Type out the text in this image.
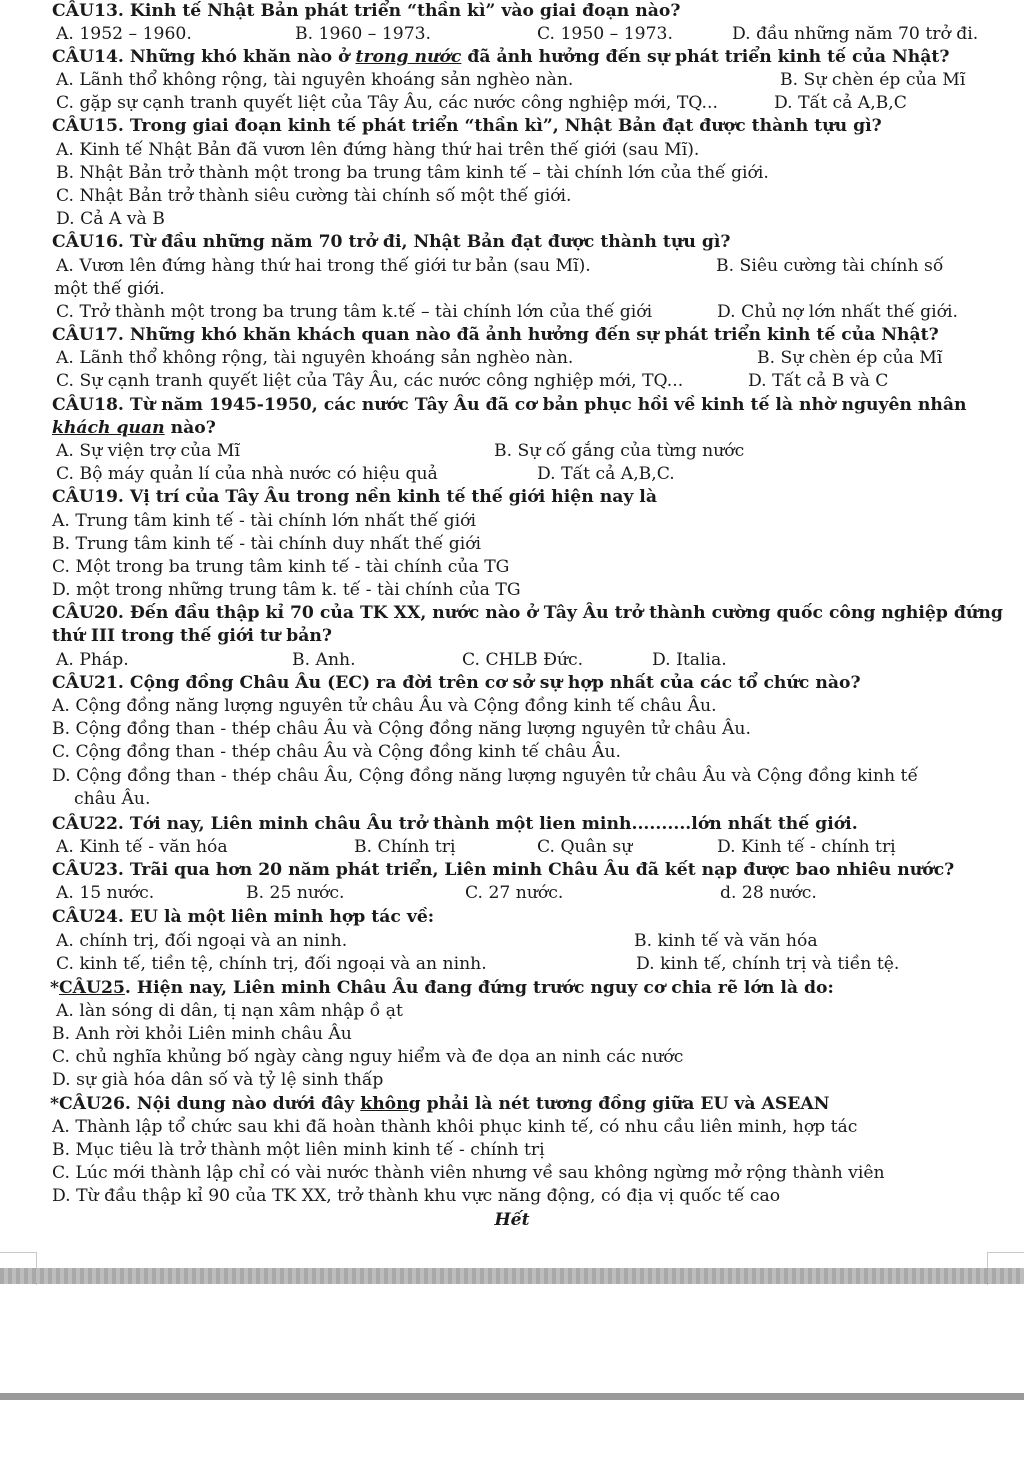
CÂU13. Kinh tế Nhật Bản phát triển “thần kì” vào giai đoạn nào?
A. 1952 – 1960.	B. 1960 – 1973.	C. 1950 – 1973.	D. đầu những năm 70 trở đi.
CÂU14. Những khó khăn nào ở trong nước đã ảnh hưởng đến sự phát triển kinh tế của Nhật?
A. Lãnh thổ không rộng, tài nguyên khoáng sản nghèo nàn.	B. Sự chèn ép của Mĩ
C. gặp sự cạnh tranh quyết liệt của Tây Âu, các nước công nghiệp mới, TQ...	D. Tất cả A,B,C
CÂU15. Trong giai đoạn kinh tế phát triển “thần kì”, Nhật Bản đạt được thành tựu gì?
A. Kinh tế Nhật Bản đã vươn lên đứng hàng thứ hai trên thế giới (sau Mĩ).
B. Nhật Bản trở thành một trong ba trung tâm kinh tế – tài chính lớn của thế giới.
C. Nhật Bản trở thành siêu cường tài chính số một thế giới.
D. Cả A và B
CÂU16. Từ đầu những năm 70 trở đi, Nhật Bản đạt được thành tựu gì?
A. Vươn lên đứng hàng thứ hai trong thế giới tư bản (sau Mĩ).	B. Siêu cường tài chính số
một thế giới.
C. Trở thành một trong ba trung tâm k.tế – tài chính lớn của thế giới	D. Chủ nợ lớn nhất thế giới.
CÂU17. Những khó khăn khách quan nào đã ảnh hưởng đến sự phát triển kinh tế của Nhật?
A. Lãnh thổ không rộng, tài nguyên khoáng sản nghèo nàn.	B. Sự chèn ép của Mĩ
C. Sự cạnh tranh quyết liệt của Tây Âu, các nước công nghiệp mới, TQ...	D. Tất cả B và C
CÂU18. Từ năm 1945-1950, các nước Tây Âu đã cơ bản phục hồi về kinh tế là nhờ nguyên nhân
khách quan nào?
A. Sự viện trợ của Mĩ	B. Sự cố gắng của từng nước
C. Bộ máy quản lí của nhà nước có hiệu quả	D. Tất cả A,B,C.
CÂU19. Vị trí của Tây Âu trong nền kinh tế thế giới hiện nay là
A. Trung tâm kinh tế - tài chính lớn nhất thế giới
B. Trung tâm kinh tế - tài chính duy nhất thế giới
C. Một trong ba trung tâm kinh tế - tài chính của TG
D. một trong những trung tâm k. tế - tài chính của TG
CÂU20. Đến đầu thập kỉ 70 của TK XX, nước nào ở Tây Âu trở thành cường quốc công nghiệp đứng
thứ III trong thế giới tư bản?
A. Pháp.	B. Anh.	C. CHLB Đức.	D. Italia.
CÂU21. Cộng đồng Châu Âu (EC) ra đời trên cơ sở sự hợp nhất của các tổ chức nào?
A. Cộng đồng năng lượng nguyên tử châu Âu và Cộng đồng kinh tế châu Âu.
B. Cộng đồng than - thép châu Âu và Cộng đồng năng lượng nguyên tử châu Âu.
C. Cộng đồng than - thép châu Âu và Cộng đồng kinh tế châu Âu.
D. Cộng đồng than - thép châu Âu, Cộng đồng năng lượng nguyên tử châu Âu và Cộng đồng kinh tế
châu Âu.
CÂU22. Tới nay, Liên minh châu Âu trở thành một lien minh..........lớn nhất thế giới.
A. Kinh tế - văn hóa	B. Chính trị	C. Quân sự	D. Kinh tế - chính trị
CÂU23. Trãi qua hơn 20 năm phát triển, Liên minh Châu Âu đã kết nạp được bao nhiêu nước?
A. 15 nước.	B. 25 nước.	C. 27 nước.	d. 28 nước.
CÂU24. EU là một liên minh hợp tác về:
A. chính trị, đối ngoại và an ninh.	B. kinh tế và văn hóa
C. kinh tế, tiền tệ, chính trị, đối ngoại và an ninh.	D. kinh tế, chính trị và tiền tệ.
*CÂU25. Hiện nay, Liên minh Châu Âu đang đứng trước nguy cơ chia rẽ lớn là do:
A. làn sóng di dân, tị nạn xâm nhập ồ ạt
B. Anh rời khỏi Liên minh châu Âu
C. chủ nghĩa khủng bố ngày càng nguy hiểm và đe dọa an ninh các nước
D. sự già hóa dân số và tỷ lệ sinh thấp
*CÂU26. Nội dung nào dưới đây không phải là nét tương đồng giữa EU và ASEAN
A. Thành lập tổ chức sau khi đã hoàn thành khôi phục kinh tế, có nhu cầu liên minh, hợp tác
B. Mục tiêu là trở thành một liên minh kinh tế - chính trị
C. Lúc mới thành lập chỉ có vài nước thành viên nhưng về sau không ngừng mở rộng thành viên
D. Từ đầu thập kỉ 90 của TK XX, trở thành khu vực năng động, có địa vị quốc tế cao
Hết
